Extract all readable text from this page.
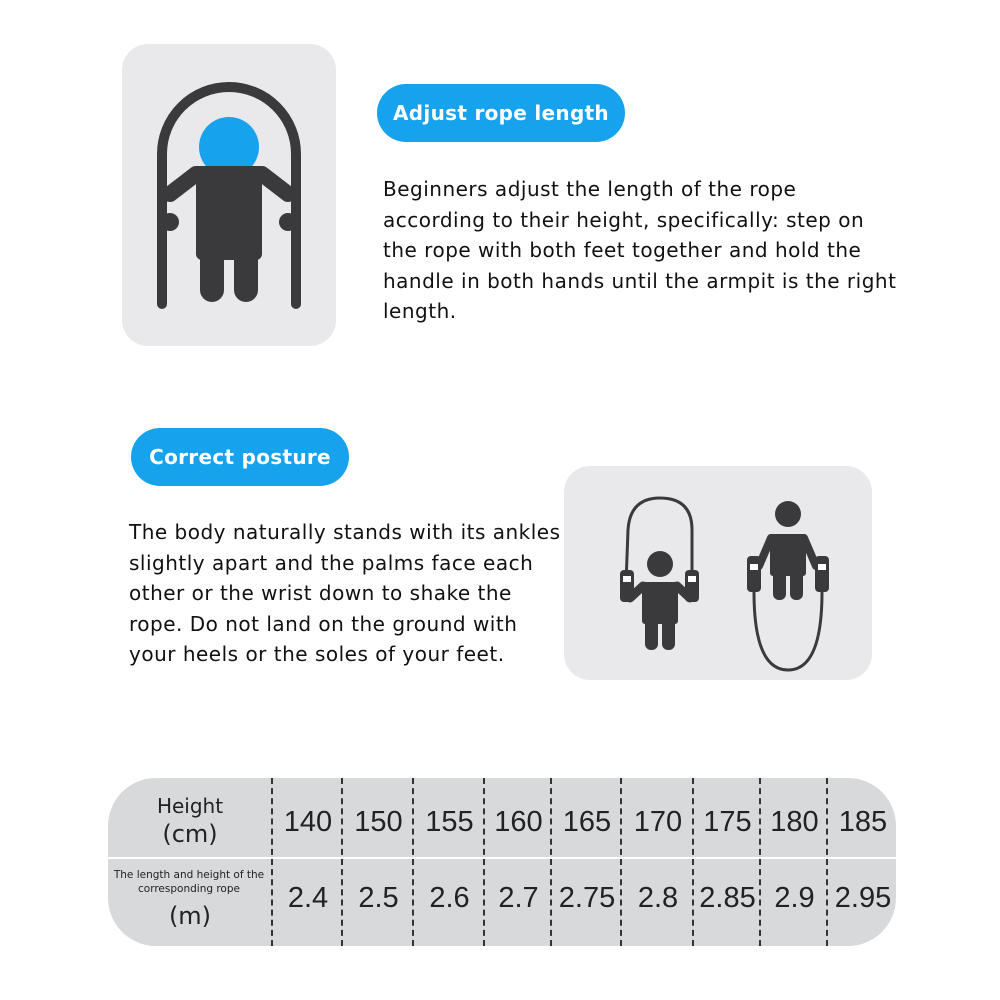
Adjust rope length
Beginners adjust the length of the rope according to their height, specifically: step on the rope with both feet together and hold the handle in both hands until the armpit is the right length.
Correct posture
The body naturally stands with its ankles slightly apart and the palms face each other or the wrist down to shake the rope. Do not land on the ground with your heels or the soles of your feet.
Height
(cm)
The length and height of the corresponding rope
(m)
140
2.4
150
2.5
155
2.6
160
2.7
165
2.75
170
2.8
175
2.85
180
2.9
185
2.95
